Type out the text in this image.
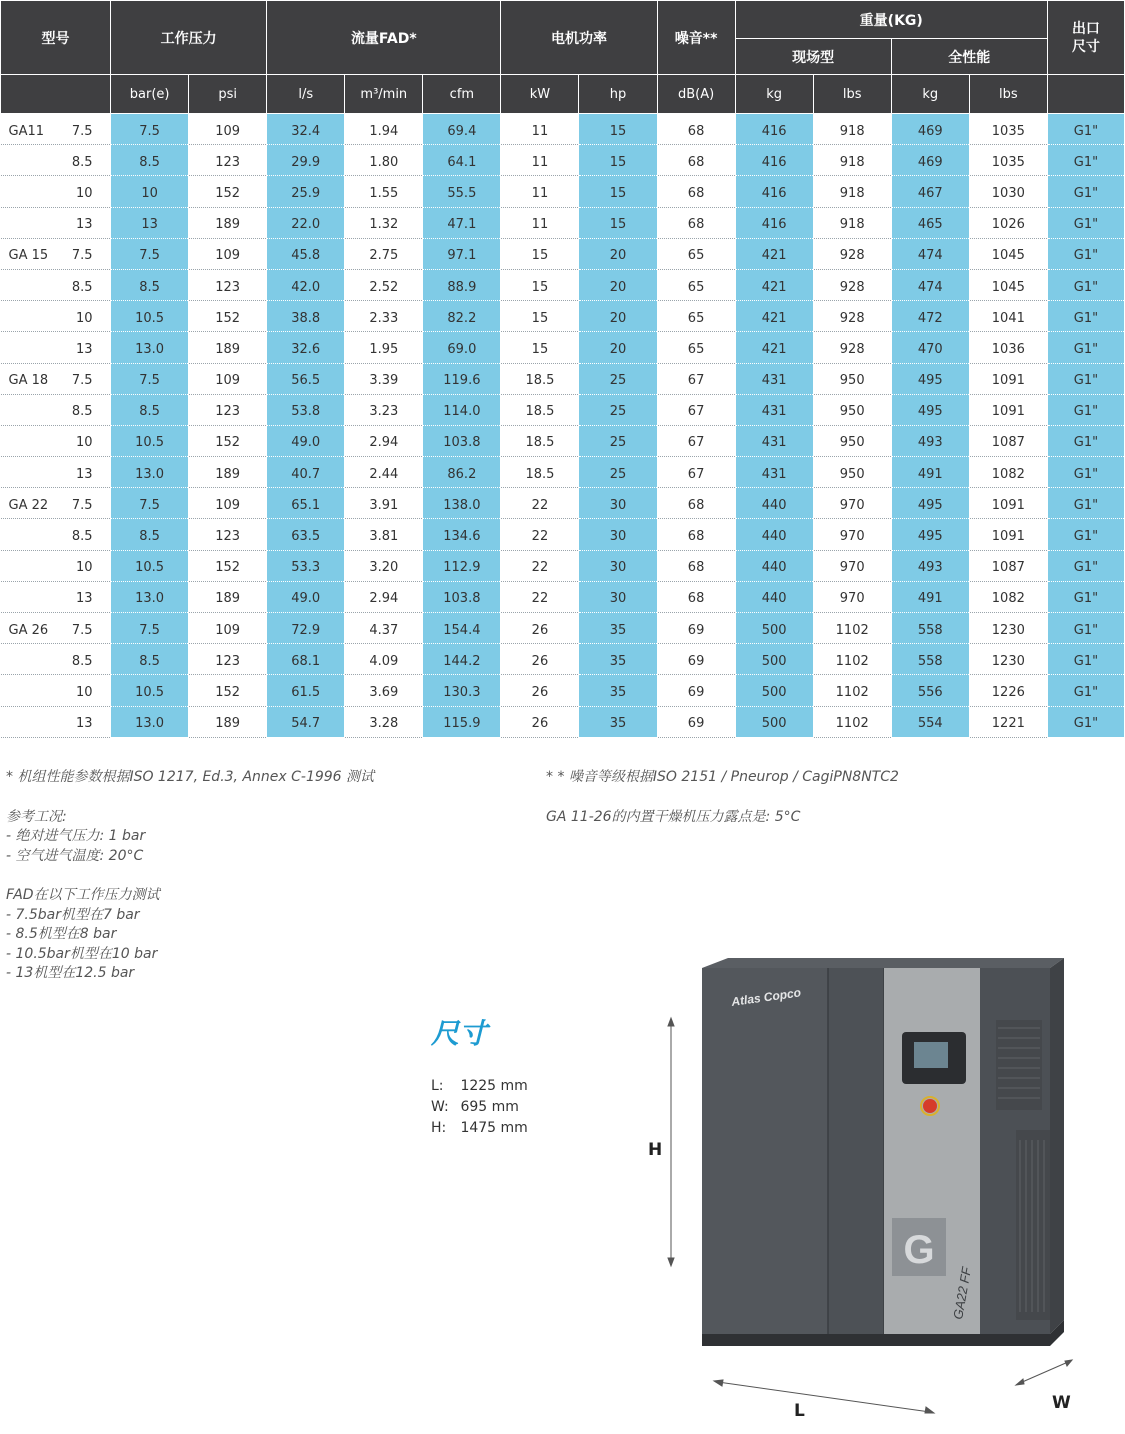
型号	工作压力		流量FAD*			电机功率		噪音**	重量(KG)				出口
尺寸
									现场型		全性能		
	bar(e)	psi	l/s	m³/min	cfm	kW	hp	dB(A)	kg	lbs	kg	lbs	
GA11 7.5	7.5	109	32.4	1.94	69.4	11	15	68	416	918	469	1035	G1"
8.5	8.5	123	29.9	1.80	64.1	11	15	68	416	918	469	1035	G1"
10	10	152	25.9	1.55	55.5	11	15	68	416	918	467	1030	G1"
13	13	189	22.0	1.32	47.1	11	15	68	416	918	465	1026	G1"
GA 15 7.5	7.5	109	45.8	2.75	97.1	15	20	65	421	928	474	1045	G1"
8.5	8.5	123	42.0	2.52	88.9	15	20	65	421	928	474	1045	G1"
10	10.5	152	38.8	2.33	82.2	15	20	65	421	928	472	1041	G1"
13	13.0	189	32.6	1.95	69.0	15	20	65	421	928	470	1036	G1"
GA 18 7.5	7.5	109	56.5	3.39	119.6	18.5	25	67	431	950	495	1091	G1"
8.5	8.5	123	53.8	3.23	114.0	18.5	25	67	431	950	495	1091	G1"
10	10.5	152	49.0	2.94	103.8	18.5	25	67	431	950	493	1087	G1"
13	13.0	189	40.7	2.44	86.2	18.5	25	67	431	950	491	1082	G1"
GA 22 7.5	7.5	109	65.1	3.91	138.0	22	30	68	440	970	495	1091	G1"
8.5	8.5	123	63.5	3.81	134.6	22	30	68	440	970	495	1091	G1"
10	10.5	152	53.3	3.20	112.9	22	30	68	440	970	493	1087	G1"
13	13.0	189	49.0	2.94	103.8	22	30	68	440	970	491	1082	G1"
GA 26 7.5	7.5	109	72.9	4.37	154.4	26	35	69	500	1102	558	1230	G1"
8.5	8.5	123	68.1	4.09	144.2	26	35	69	500	1102	558	1230	G1"
10	10.5	152	61.5	3.69	130.3	26	35	69	500	1102	556	1226	G1"
13	13.0	189	54.7	3.28	115.9	26	35	69	500	1102	554	1221	G1"

* 机组性能参数根据ISO 1217, Ed.3, Annex C-1996 测试

参考工况:

- 绝对进气压力: 1 bar

- 空气进气温度: 20°C

FAD在以下工作压力测试

- 7.5bar机型在7 bar

- 8.5机型在8 bar

- 10.5bar机型在10 bar

- 13机型在12.5 bar

* * 噪音等级根据ISO 2151 / Pneurop / CagiPN8NTC2

GA 11-26的内置干燥机压力露点是: 5°C

尺寸
L: 1225 mm
W: 695 mm
H: 1475 mm
G
GA22 FF
Atlas Copco
H
L	W
